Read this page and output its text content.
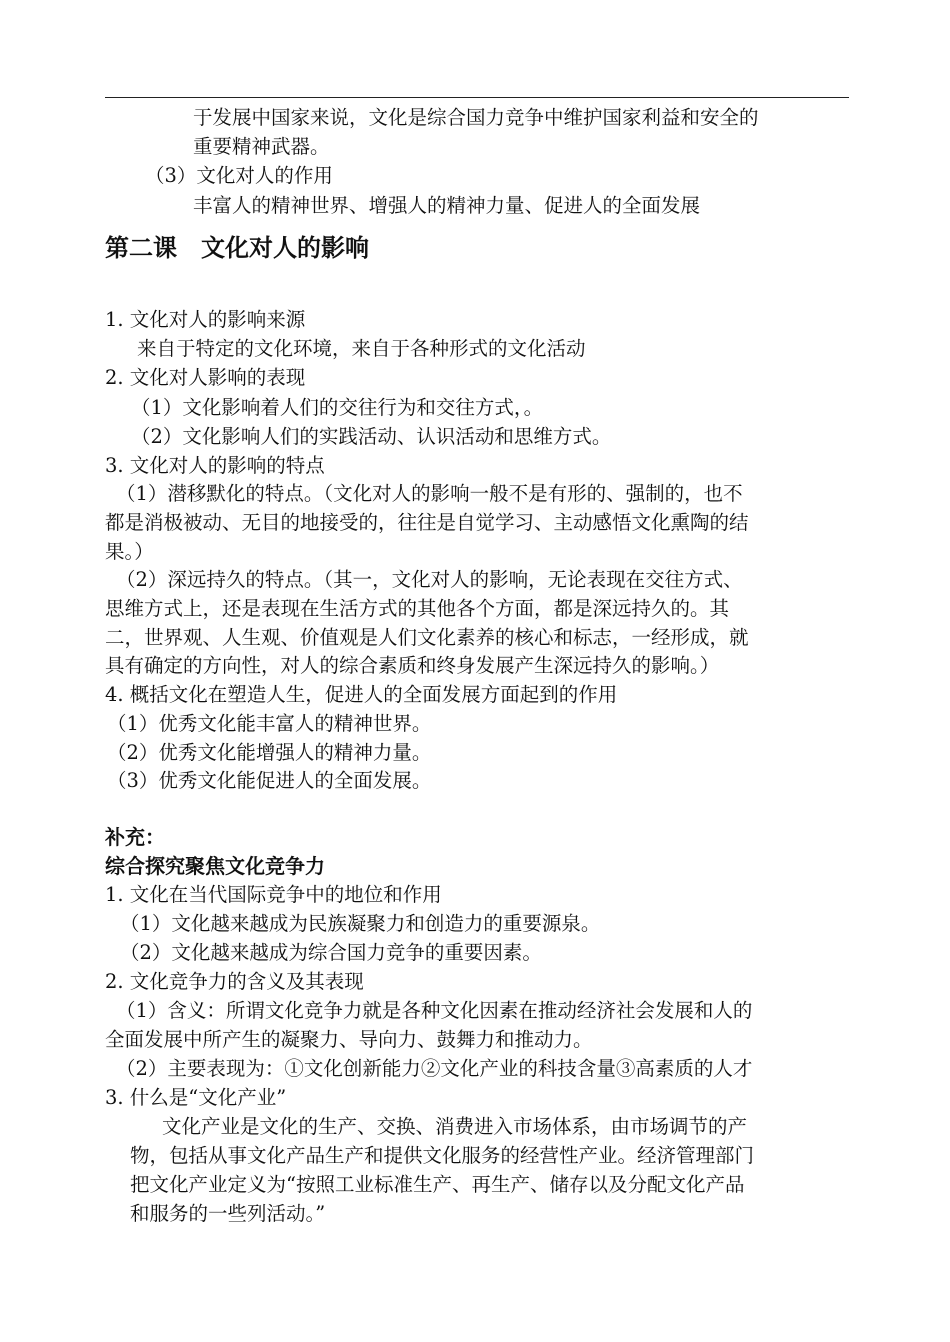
于发展中国家来说，文化是综合国力竞争中维护国家利益和安全的
重要精神武器。
（3）文化对人的作用
丰富人的精神世界、增强人的精神力量、促进人的全面发展
第二课　文化对人的影响
1. 文化对人的影响来源
来自于特定的文化环境，来自于各种形式的文化活动
2. 文化对人影响的表现
（1）文化影响着人们的交往行为和交往方式，。
（2）文化影响人们的实践活动、认识活动和思维方式。
3. 文化对人的影响的特点
（1）潜移默化的特点。（文化对人的影响一般不是有形的、强制的，也不
都是消极被动、无目的地接受的，往往是自觉学习、主动感悟文化熏陶的结
果。）
（2）深远持久的特点。（其一，文化对人的影响，无论表现在交往方式、
思维方式上，还是表现在生活方式的其他各个方面，都是深远持久的。其
二，世界观、人生观、价值观是人们文化素养的核心和标志，一经形成，就
具有确定的方向性，对人的综合素质和终身发展产生深远持久的影响。）
4. 概括文化在塑造人生，促进人的全面发展方面起到的作用
（1）优秀文化能丰富人的精神世界。
（2）优秀文化能增强人的精神力量。
（3）优秀文化能促进人的全面发展。
补充：
综合探究聚焦文化竞争力
1. 文化在当代国际竞争中的地位和作用
（1）文化越来越成为民族凝聚力和创造力的重要源泉。
（2）文化越来越成为综合国力竞争的重要因素。
2. 文化竞争力的含义及其表现
（1）含义：所谓文化竞争力就是各种文化因素在推动经济社会发展和人的
全面发展中所产生的凝聚力、导向力、鼓舞力和推动力。
（2）主要表现为：①文化创新能力②文化产业的科技含量③高素质的人才
3. 什么是“文化产业”
文化产业是文化的生产、交换、消费进入市场体系，由市场调节的产
物，包括从事文化产品生产和提供文化服务的经营性产业。经济管理部门
把文化产业定义为“按照工业标准生产、再生产、储存以及分配文化产品
和服务的一些列活动。”
